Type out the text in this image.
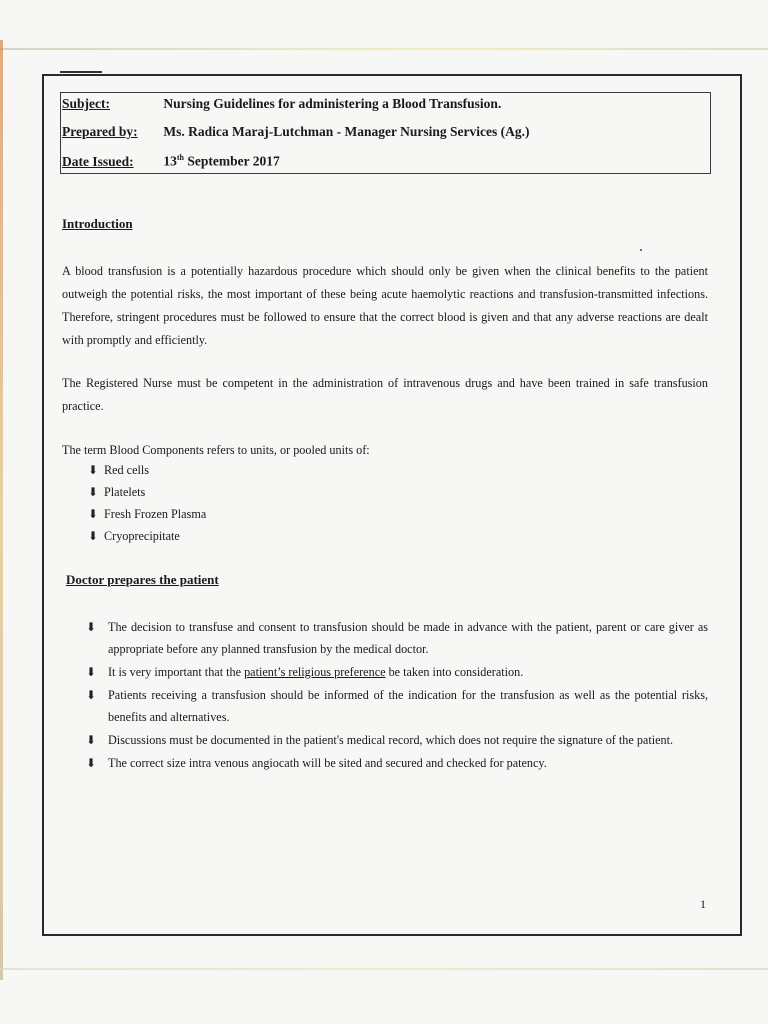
Subject:	Nursing Guidelines for administering a Blood Transfusion.
Prepared by: Ms. Radica Maraj-Lutchman - Manager Nursing Services (Ag.)
Date Issued: 13th September 2017
Introduction
A blood transfusion is a potentially hazardous procedure which should only be given when the clinical benefits to the patient outweigh the potential risks, the most important of these being acute haemolytic reactions and transfusion-transmitted infections. Therefore, stringent procedures must be followed to ensure that the correct blood is given and that any adverse reactions are dealt with promptly and efficiently.
The Registered Nurse must be competent in the administration of intravenous drugs and have been trained in safe transfusion practice.
The term Blood Components refers to units, or pooled units of:
⬇︎ Red cells
⬇︎ Platelets
⬇︎ Fresh Frozen Plasma
⬇︎ Cryoprecipitate
Doctor prepares the patient
⬇︎ The decision to transfuse and consent to transfusion should be made in advance with the patient, parent or care giver as appropriate before any planned transfusion by the medical doctor.
⬇︎ It is very important that the patient’s religious preference be taken into consideration.
⬇︎ Patients receiving a transfusion should be informed of the indication for the transfusion as well as the potential risks, benefits and alternatives.
⬇︎ Discussions must be documented in the patient's medical record, which does not require the signature of the patient.
⬇︎ The correct size intra venous angiocath will be sited and secured and checked for patency.
1
